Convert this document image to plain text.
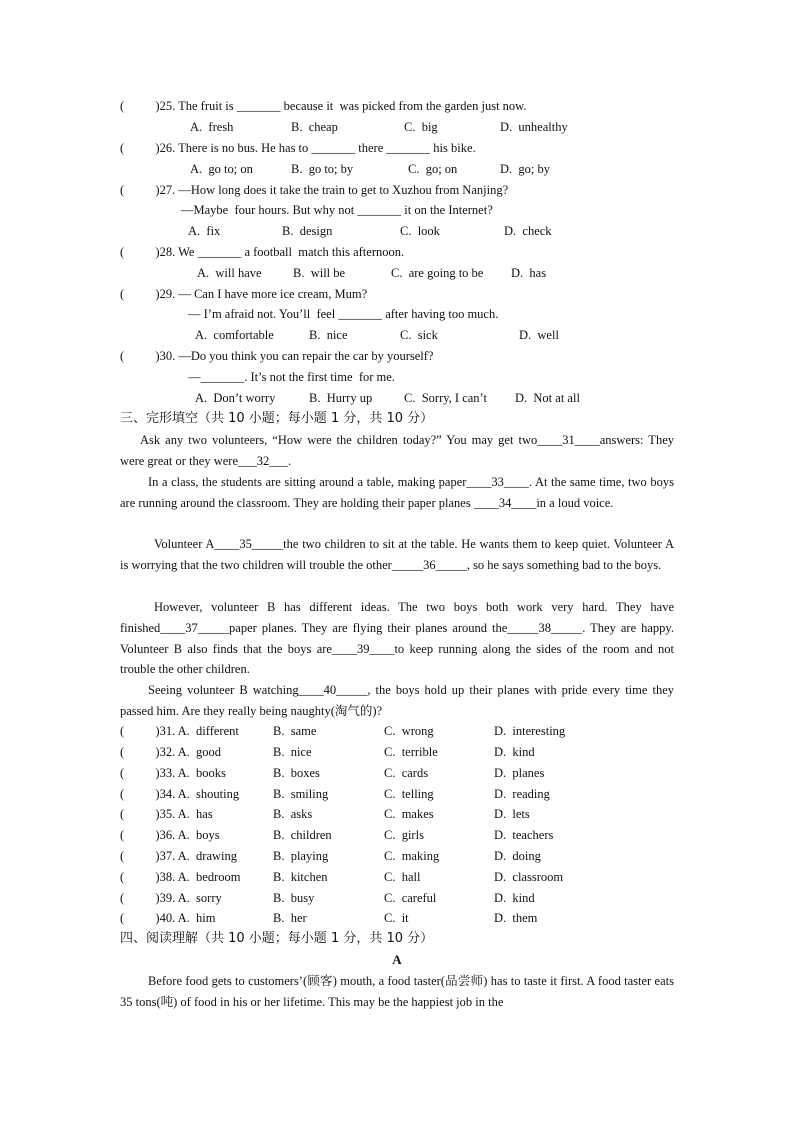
(          )25. The fruit is _______ because it  was picked from the garden just now.
A.  fresh	B.  cheap	C.  big	D.  unhealthy
(          )26. There is no bus. He has to _______ there _______ his bike.
A.  go to; on	B.  go to; by	C.  go; on	D.  go; by
(          )27. —How long does it take the train to get to Xuzhou from Nanjing?
—Maybe  four hours. But why not _______ it on the Internet?
A.  fix	B.  design	C.  look	D.  check
(          )28. We _______ a football  match this afternoon.
A.  will have	B.  will be	C.  are going to be D.  has
(          )29. — Can I have more ice cream, Mum?
— I’m afraid not. You’ll  feel _______ after having too much.
A.  comfortable	B.  nice	C.  sick	D.  well
(          )30. —Do you think you can repair the car by yourself?
—_______. It’s not the first time  for me.
A.  Don’t worry	B.  Hurry up	C.  Sorry, I can’t D.  Not at all
三、完形填空（共 10 小题；每小题 1 分，共 10 分）
Ask any two volunteers, “How were the children today?” You may get two____31____answers: They were great or they were___32___.
In a class, the students are sitting around a table, making paper____33____. At the same time, two boys are running around the classroom. They are holding their paper planes ____34____in a loud voice.
Volunteer A____35_____the two children to sit at the table. He wants them to keep quiet. Volunteer A is worrying that the two children will trouble the other_____36_____, so he says something bad to the boys.
However, volunteer B has different ideas. The two boys both work very hard. They have finished____37_____paper planes. They are flying their planes around the_____38_____. They are happy. Volunteer B also finds that the boys are____39____to keep running along the sides of the room and not trouble the other children.
Seeing volunteer B watching____40_____, the boys hold up their planes with pride every time they passed him. Are they really being naughty(淘气的)?
(          )31. A.  different	B.  same	C.  wrong	D.  interesting
(          )32. A.  good	B.  nice	C.  terrible	D.  kind
(          )33. A.  books	B.  boxes	C.  cards	D.  planes
(          )34. A.  shouting	B.  smiling	C.  telling	D.  reading
(          )35. A.  has	B.  asks	C.  makes	D.  lets
(          )36. A.  boys	B.  children	C.  girls	D.  teachers
(          )37. A.  drawing	B.  playing	C.  making	D.  doing
(          )38. A.  bedroom	B.  kitchen	C.  hall	D.  classroom
(          )39. A.  sorry	B.  busy	C.  careful	D.  kind
(          )40. A.  him	B.  her	C.  it	D.  them
四、阅读理解（共 10 小题；每小题 1 分，共 10 分）
A
Before food gets to customers’(顾客) mouth, a food taster(品尝师) has to taste it first. A food taster eats 35 tons(吨) of food in his or her lifetime. This may be the happiest job in the
